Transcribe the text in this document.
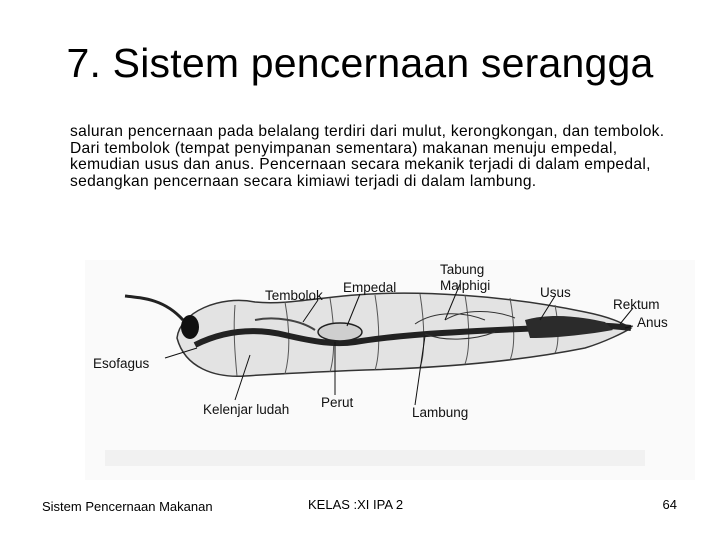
7. Sistem pencernaan serangga
saluran pencernaan pada belalang terdiri dari mulut, kerongkongan, dan tembolok. Dari tembolok (tempat penyimpanan sementara) makanan menuju empedal, kemudian usus dan anus. Pencernaan secara mekanik terjadi di dalam empedal, sedangkan pencernaan secara kimiawi terjadi di dalam lambung.
Tembolok
Empedal
Tabung
Malphigi	Usus
Rektum
Anus
Esofagus
Kelenjar ludah Perut
Lambung
Sistem Pencernaan Makanan	KELAS :XI IPA 2	64
